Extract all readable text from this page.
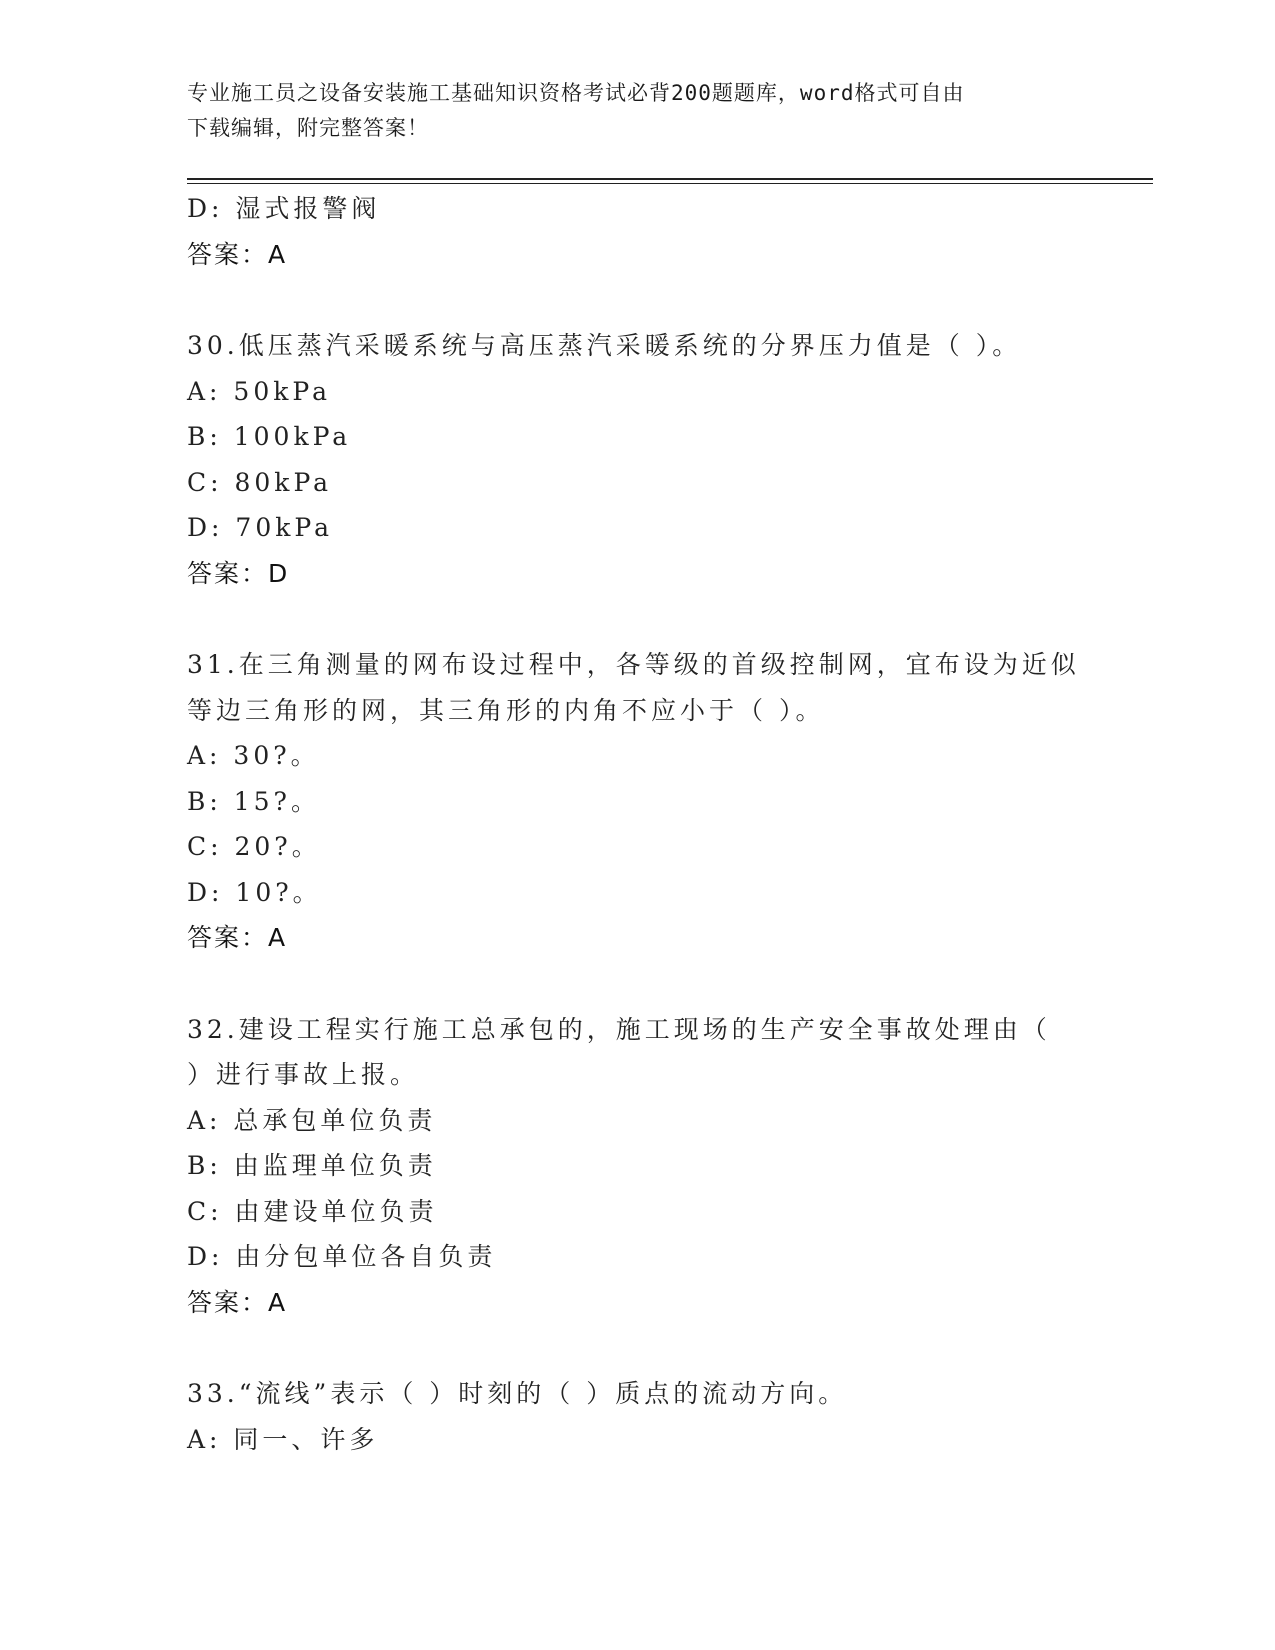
专业施工员之设备安装施工基础知识资格考试必背200题题库，word格式可自由
下载编辑，附完整答案！
D: 湿式报警阀
答案：A
30.低压蒸汽采暖系统与高压蒸汽采暖系统的分界压力值是（ ）。
A: 50kPa
B: 100kPa
C: 80kPa
D: 70kPa
答案：D
31.在三角测量的网布设过程中，各等级的首级控制网，宜布设为近似
等边三角形的网，其三角形的内角不应小于（ ）。
A: 30?。
B: 15?。
C: 20?。
D: 10?。
答案：A
32.建设工程实行施工总承包的，施工现场的生产安全事故处理由（
）进行事故上报。
A: 总承包单位负责
B: 由监理单位负责
C: 由建设单位负责
D: 由分包单位各自负责
答案：A
33.“流线”表示（ ）时刻的（ ）质点的流动方向。
A: 同一、许多
